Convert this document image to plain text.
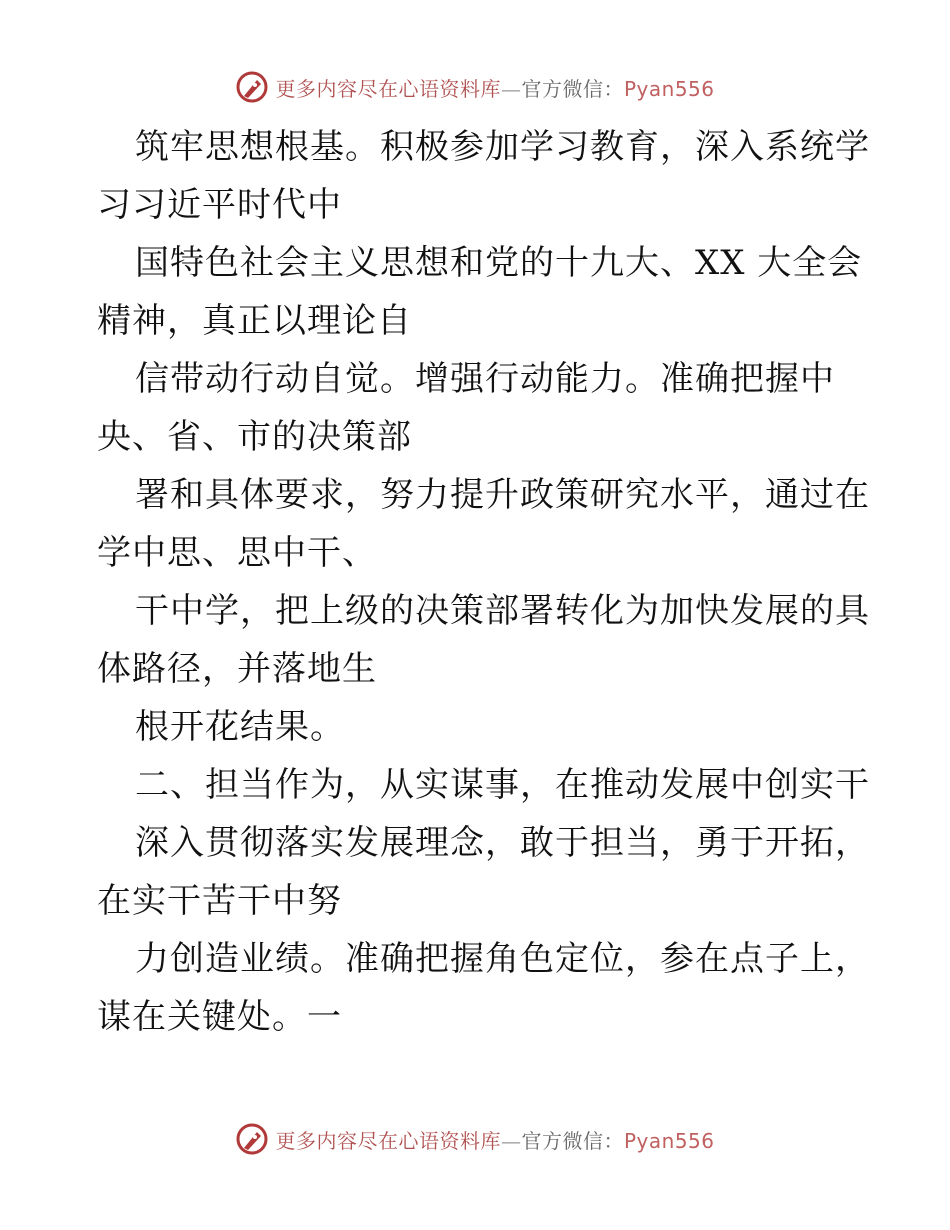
更多内容尽在心语资料库—官方微信：Pyan556
筑牢思想根基。积极参加学习教育，深入系统学
习习近平时代中
国特色社会主义思想和党的十九大、XX 大全会
精神，真正以理论自
信带动行动自觉。增强行动能力。准确把握中
央、省、市的决策部
署和具体要求，努力提升政策研究水平，通过在
学中思、思中干、
干中学，把上级的决策部署转化为加快发展的具
体路径，并落地生
根开花结果。
二、担当作为，从实谋事，在推动发展中创实干
深入贯彻落实发展理念，敢于担当，勇于开拓，
在实干苦干中努
力创造业绩。准确把握角色定位，参在点子上，
谋在关键处。一
更多内容尽在心语资料库—官方微信：Pyan556
